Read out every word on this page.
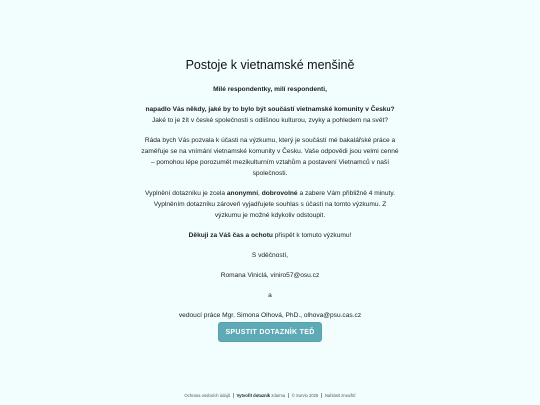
Postoje k vietnamské menšině
Milé respondentky, milí respondenti,
napadlo Vás někdy, jaké by to bylo být součástí vietnamské komunity v Česku? Jaké to je žít v české společnosti s odlišnou kulturou, zvyky a pohledem na svět?
Ráda bych Vás pozvala k účasti na výzkumu, který je součástí mé bakalářské práce a zaměřuje se na vnímání vietnamské komunity v Česku. Vaše odpovědi jsou velmi cenné – pomohou lépe porozumět mezikulturním vztahům a postavení Vietnamců v naší společnosti.
Vyplnění dotazníku je zcela anonymní, dobrovolné a zabere Vám přibližně 4 minuty. Vyplněním dotazníku zároveň vyjadřujete souhlas s účastí na tomto výzkumu. Z výzkumu je možné kdykoliv odstoupit.
Děkuji za Váš čas a ochotu přispět k tomuto výzkumu!
S vděčností,
Romana Viniclá, viniro57@osu.cz
a
vedoucí práce Mgr. Simona Olhová, PhD., olhova@psu.cas.cz
SPUSTIT DOTAZNÍK TEĎ
Ochrana osobních údajů Vytvořit dotazník zdarma © Survio 2025 Nahlásit zneužití
